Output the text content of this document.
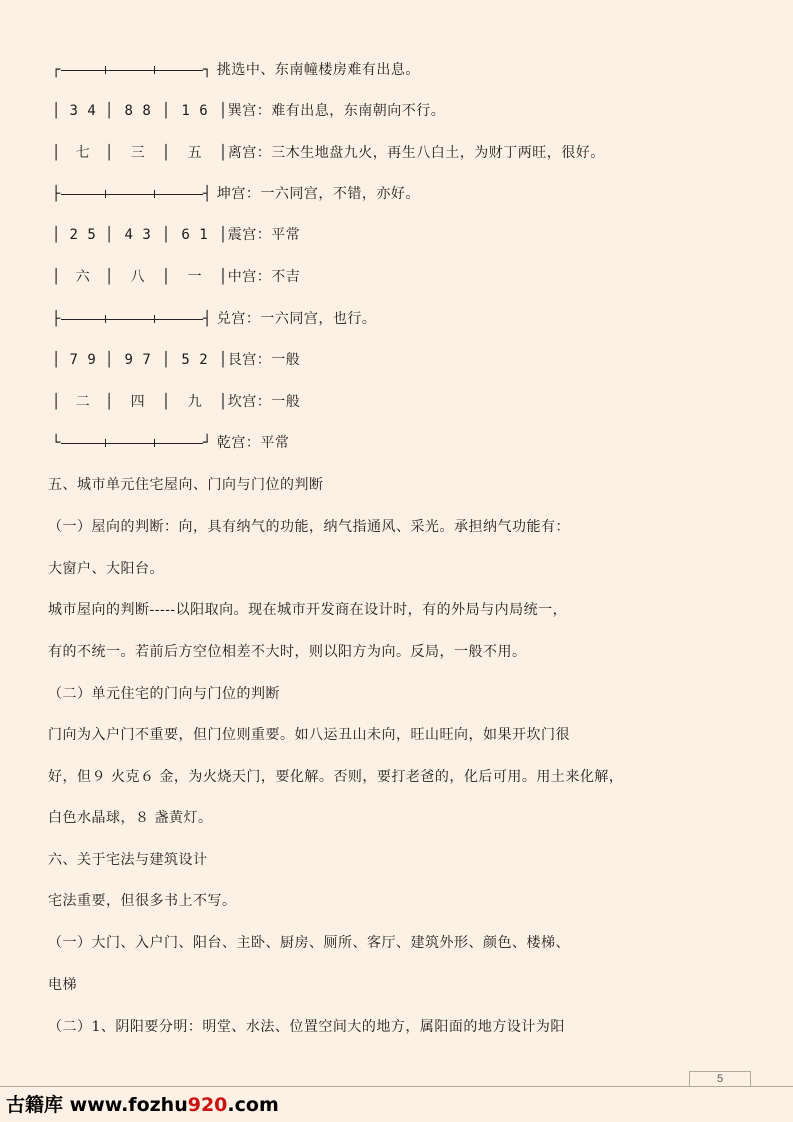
┌	┐ 挑选中、东南幢楼房难有出息。
│ 3 4 │ 8 8 │ 1 6 │巽宫：难有出息，东南朝向不行。
│ 七 │ 三 │ 五 │离宫：三木生地盘九火，再生八白土，为财丁两旺，很好。
├	┤ 坤宫：一六同宫，不错，亦好。
│ 2 5 │ 4 3 │ 6 1 │震宫：平常
│ 六 │ 八 │ 一 │中宫：不吉
├	┤ 兑宫：一六同宫，也行。
│ 7 9 │ 9 7 │ 5 2 │艮宫：一般
│ 二 │ 四 │ 九 │坎宫：一般
└	┘ 乾宫：平常
五、城市单元住宅屋向、门向与门位的判断
（一）屋向的判断：向，具有纳气的功能，纳气指通风、采光。承担纳气功能有：
大窗户、大阳台。
城市屋向的判断-----以阳取向。现在城市开发商在设计时，有的外局与内局统一，
有的不统一。若前后方空位相差不大时，则以阳方为向。反局，一般不用。
（二）单元住宅的门向与门位的判断
门向为入户门不重要，但门位则重要。如八运丑山未向，旺山旺向，如果开坎门很
好，但９ 火克６ 金，为火烧天门，要化解。否则，要打老爸的，化后可用。用土来化解，
白色水晶球，８ 盏黄灯。
六、关于宅法与建筑设计
宅法重要，但很多书上不写。
（一）大门、入户门、阳台、主卧、厨房、厕所、客厅、建筑外形、颜色、楼梯、
电梯
（二）1、阴阳要分明：明堂、水法、位置空间大的地方，属阳面的地方设计为阳
5
古籍库 www.fozhu920.com
